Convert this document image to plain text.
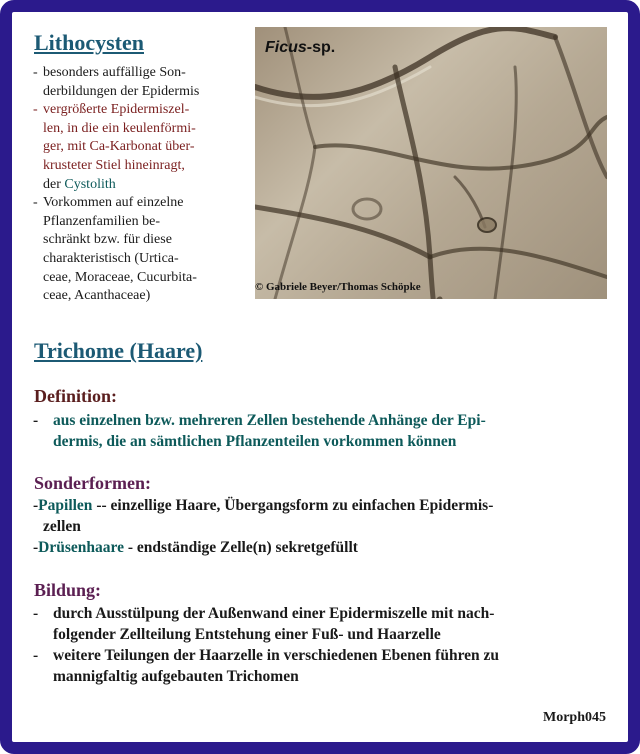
Lithocysten
- besonders auffällige Son-
derbildungen der Epidermis
- vergrößerte Epidermiszel-
len, in die ein keulenförmi-
ger, mit Ca-Karbonat über-
krusteter Stiel hineinragt,
der Cystolith
- Vorkommen auf einzelne
Pflanzenfamilien be-
schränkt bzw. für diese
charakteristisch (Urtica-
ceae, Moraceae, Cucurbita-
ceae, Acanthaceae)
Ficus-sp.
© Gabriele Beyer/Thomas Schöpke
Trichome (Haare)
Definition:
- aus einzelnen bzw. mehreren Zellen bestehende Anhänge der Epi-
dermis, die an sämtlichen Pflanzenteilen vorkommen können
Sonderformen:
-Papillen -- einzellige Haare, Übergangsform zu einfachen Epidermis-
zellen
-Drüsenhaare - endständige Zelle(n) sekretgefüllt
Bildung:
- durch Ausstülpung der Außenwand einer Epidermiszelle mit nach-
folgender Zellteilung Entstehung einer Fuß- und Haarzelle
- weitere Teilungen der Haarzelle in verschiedenen Ebenen führen zu
mannigfaltig aufgebauten Trichomen
Morph045
